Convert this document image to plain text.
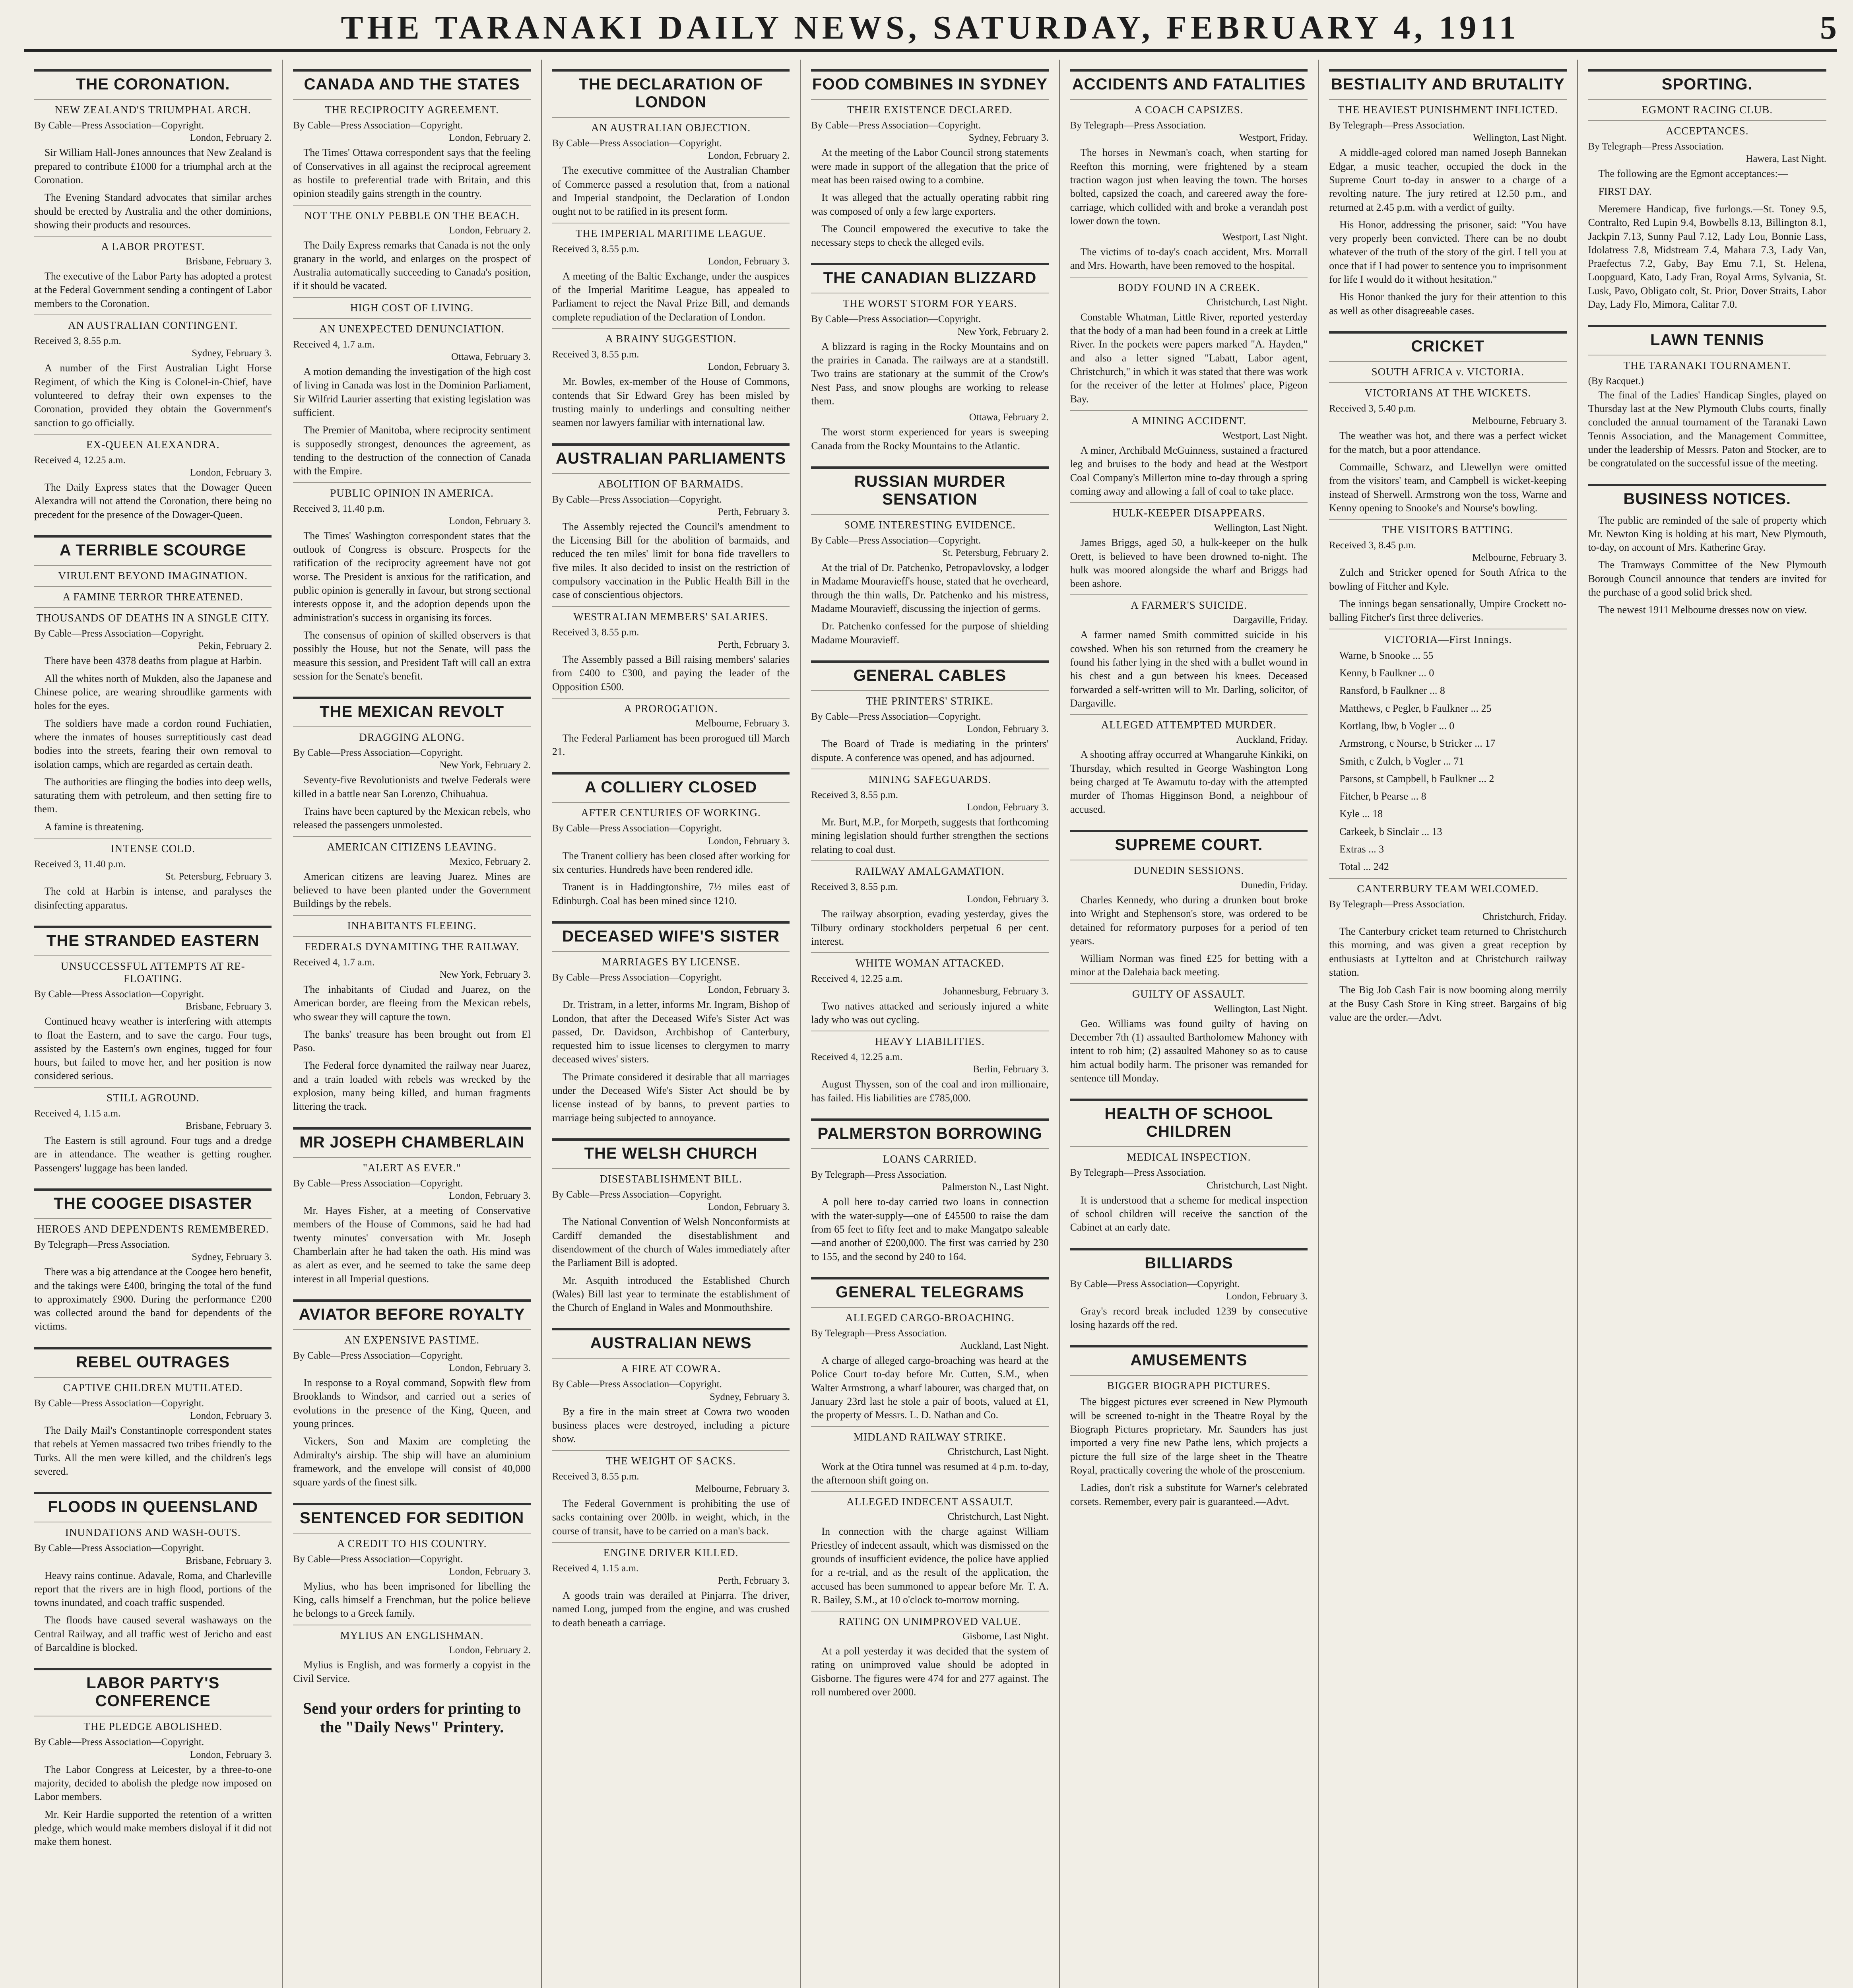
THE TARANAKI DAILY NEWS, SATURDAY, FEBRUARY 4, 1911	5
THE CORONATION.
NEW ZEALAND'S TRIUMPHAL ARCH.
By Cable—Press Association—Copyright.
London, February 2.

Sir William Hall-Jones announces that New Zealand is prepared to contribute £1000 for a triumphal arch at the Coronation.

The Evening Standard advocates that similar arches should be erected by Australia and the other dominions, showing their products and resources.

A LABOR PROTEST.
Brisbane, February 3.

The executive of the Labor Party has adopted a protest at the Federal Government sending a contingent of Labor members to the Coronation.

AN AUSTRALIAN CONTINGENT.
Received 3, 8.55 p.m.
Sydney, February 3.

A number of the First Australian Light Horse Regiment, of which the King is Colonel-in-Chief, have volunteered to defray their own expenses to the Coronation, provided they obtain the Government's sanction to go officially.

EX-QUEEN ALEXANDRA.
Received 4, 12.25 a.m.
London, February 3.

The Daily Express states that the Dowager Queen Alexandra will not attend the Coronation, there being no precedent for the presence of the Dowager-Queen.

A TERRIBLE SCOURGE
VIRULENT BEYOND IMAGINATION.
A FAMINE TERROR THREATENED.
THOUSANDS OF DEATHS IN A SINGLE CITY.
By Cable—Press Association—Copyright.
Pekin, February 2.

There have been 4378 deaths from plague at Harbin.

All the whites north of Mukden, also the Japanese and Chinese police, are wearing shroudlike garments with holes for the eyes.

The soldiers have made a cordon round Fuchiatien, where the inmates of houses surreptitiously cast dead bodies into the streets, fearing their own removal to isolation camps, which are regarded as certain death.

The authorities are flinging the bodies into deep wells, saturating them with petroleum, and then setting fire to them.

A famine is threatening.

INTENSE COLD.
Received 3, 11.40 p.m.
St. Petersburg, February 3.

The cold at Harbin is intense, and paralyses the disinfecting apparatus.

THE STRANDED EASTERN
UNSUCCESSFUL ATTEMPTS AT RE-FLOATING.
By Cable—Press Association—Copyright.
Brisbane, February 3.

Continued heavy weather is interfering with attempts to float the Eastern, and to save the cargo. Four tugs, assisted by the Eastern's own engines, tugged for four hours, but failed to move her, and her position is now considered serious.

STILL AGROUND.
Received 4, 1.15 a.m.
Brisbane, February 3.

The Eastern is still aground. Four tugs and a dredge are in attendance. The weather is getting rougher. Passengers' luggage has been landed.

THE COOGEE DISASTER
HEROES AND DEPENDENTS REMEMBERED.
By Telegraph—Press Association.
Sydney, February 3.

There was a big attendance at the Coogee hero benefit, and the takings were £400, bringing the total of the fund to approximately £900. During the performance £200 was collected around the band for dependents of the victims.

REBEL OUTRAGES
CAPTIVE CHILDREN MUTILATED.
By Cable—Press Association—Copyright.
London, February 3.

The Daily Mail's Constantinople correspondent states that rebels at Yemen massacred two tribes friendly to the Turks. All the men were killed, and the children's legs severed.

FLOODS IN QUEENSLAND
INUNDATIONS AND WASH-OUTS.
By Cable—Press Association—Copyright.
Brisbane, February 3.

Heavy rains continue. Adavale, Roma, and Charleville report that the rivers are in high flood, portions of the towns inundated, and coach traffic suspended.

The floods have caused several washaways on the Central Railway, and all traffic west of Jericho and east of Barcaldine is blocked.

LABOR PARTY'S CONFERENCE
THE PLEDGE ABOLISHED.
By Cable—Press Association—Copyright.
London, February 3.

The Labor Congress at Leicester, by a three-to-one majority, decided to abolish the pledge now imposed on Labor members.

Mr. Keir Hardie supported the retention of a written pledge, which would make members disloyal if it did not make them honest.

CANADA AND THE STATES
THE RECIPROCITY AGREEMENT.
By Cable—Press Association—Copyright.
London, February 2.

The Times' Ottawa correspondent says that the feeling of Conservatives in all against the reciprocal agreement as hostile to preferential trade with Britain, and this opinion steadily gains strength in the country.

NOT THE ONLY PEBBLE ON THE BEACH.
London, February 2.

The Daily Express remarks that Canada is not the only granary in the world, and enlarges on the prospect of Australia automatically succeeding to Canada's position, if it should be vacated.

HIGH COST OF LIVING.
AN UNEXPECTED DENUNCIATION.
Received 4, 1.7 a.m.
Ottawa, February 3.

A motion demanding the investigation of the high cost of living in Canada was lost in the Dominion Parliament, Sir Wilfrid Laurier asserting that existing legislation was sufficient.

The Premier of Manitoba, where reciprocity sentiment is supposedly strongest, denounces the agreement, as tending to the destruction of the connection of Canada with the Empire.

PUBLIC OPINION IN AMERICA.
Received 3, 11.40 p.m.
London, February 3.

The Times' Washington correspondent states that the outlook of Congress is obscure. Prospects for the ratification of the reciprocity agreement have not got worse. The President is anxious for the ratification, and public opinion is generally in favour, but strong sectional interests oppose it, and the adoption depends upon the administration's success in organising its forces.

The consensus of opinion of skilled observers is that possibly the House, but not the Senate, will pass the measure this session, and President Taft will call an extra session for the Senate's benefit.

THE MEXICAN REVOLT
DRAGGING ALONG.
By Cable—Press Association—Copyright.
New York, February 2.

Seventy-five Revolutionists and twelve Federals were killed in a battle near San Lorenzo, Chihuahua.

Trains have been captured by the Mexican rebels, who released the passengers unmolested.

AMERICAN CITIZENS LEAVING.
Mexico, February 2.

American citizens are leaving Juarez. Mines are believed to have been planted under the Government Buildings by the rebels.

INHABITANTS FLEEING.
FEDERALS DYNAMITING THE RAILWAY.
Received 4, 1.7 a.m.
New York, February 3.

The inhabitants of Ciudad and Juarez, on the American border, are fleeing from the Mexican rebels, who swear they will capture the town.

The banks' treasure has been brought out from El Paso.

The Federal force dynamited the railway near Juarez, and a train loaded with rebels was wrecked by the explosion, many being killed, and human fragments littering the track.

MR JOSEPH CHAMBERLAIN
"ALERT AS EVER."
By Cable—Press Association—Copyright.
London, February 3.

Mr. Hayes Fisher, at a meeting of Conservative members of the House of Commons, said he had had twenty minutes' conversation with Mr. Joseph Chamberlain after he had taken the oath. His mind was as alert as ever, and he seemed to take the same deep interest in all Imperial questions.

AVIATOR BEFORE ROYALTY
AN EXPENSIVE PASTIME.
By Cable—Press Association—Copyright.
London, February 3.

In response to a Royal command, Sopwith flew from Brooklands to Windsor, and carried out a series of evolutions in the presence of the King, Queen, and young princes.

Vickers, Son and Maxim are completing the Admiralty's airship. The ship will have an aluminium framework, and the envelope will consist of 40,000 square yards of the finest silk.

SENTENCED FOR SEDITION
A CREDIT TO HIS COUNTRY.
By Cable—Press Association—Copyright.
London, February 3.

Mylius, who has been imprisoned for libelling the King, calls himself a Frenchman, but the police believe he belongs to a Greek family.

MYLIUS AN ENGLISHMAN.
London, February 2.

Mylius is English, and was formerly a copyist in the Civil Service.

Send your orders for printing to the "Daily News" Printery.
THE DECLARATION OF LONDON
AN AUSTRALIAN OBJECTION.
By Cable—Press Association—Copyright.
London, February 2.

The executive committee of the Australian Chamber of Commerce passed a resolution that, from a national and Imperial standpoint, the Declaration of London ought not to be ratified in its present form.

THE IMPERIAL MARITIME LEAGUE.
Received 3, 8.55 p.m.
London, February 3.

A meeting of the Baltic Exchange, under the auspices of the Imperial Maritime League, has appealed to Parliament to reject the Naval Prize Bill, and demands complete repudiation of the Declaration of London.

A BRAINY SUGGESTION.
Received 3, 8.55 p.m.
London, February 3.

Mr. Bowles, ex-member of the House of Commons, contends that Sir Edward Grey has been misled by trusting mainly to underlings and consulting neither seamen nor lawyers familiar with international law.

AUSTRALIAN PARLIAMENTS
ABOLITION OF BARMAIDS.
By Cable—Press Association—Copyright.
Perth, February 3.

The Assembly rejected the Council's amendment to the Licensing Bill for the abolition of barmaids, and reduced the ten miles' limit for bona fide travellers to five miles. It also decided to insist on the restriction of compulsory vaccination in the Public Health Bill in the case of conscientious objectors.

WESTRALIAN MEMBERS' SALARIES.
Received 3, 8.55 p.m.
Perth, February 3.

The Assembly passed a Bill raising members' salaries from £400 to £300, and paying the leader of the Opposition £500.

A PROROGATION.
Melbourne, February 3.

The Federal Parliament has been prorogued till March 21.

A COLLIERY CLOSED
AFTER CENTURIES OF WORKING.
By Cable—Press Association—Copyright.
London, February 3.

The Tranent colliery has been closed after working for six centuries. Hundreds have been rendered idle.

Tranent is in Haddingtonshire, 7½ miles east of Edinburgh. Coal has been mined since 1210.

DECEASED WIFE'S SISTER
MARRIAGES BY LICENSE.
By Cable—Press Association—Copyright.
London, February 3.

Dr. Tristram, in a letter, informs Mr. Ingram, Bishop of London, that after the Deceased Wife's Sister Act was passed, Dr. Davidson, Archbishop of Canterbury, requested him to issue licenses to clergymen to marry deceased wives' sisters.

The Primate considered it desirable that all marriages under the Deceased Wife's Sister Act should be by license instead of by banns, to prevent parties to marriage being subjected to annoyance.

THE WELSH CHURCH
DISESTABLISHMENT BILL.
By Cable—Press Association—Copyright.
London, February 3.

The National Convention of Welsh Nonconformists at Cardiff demanded the disestablishment and disendowment of the church of Wales immediately after the Parliament Bill is adopted.

Mr. Asquith introduced the Established Church (Wales) Bill last year to terminate the establishment of the Church of England in Wales and Monmouthshire.

AUSTRALIAN NEWS
A FIRE AT COWRA.
By Cable—Press Association—Copyright.
Sydney, February 3.

By a fire in the main street at Cowra two wooden business places were destroyed, including a picture show.

THE WEIGHT OF SACKS.
Received 3, 8.55 p.m.
Melbourne, February 3.

The Federal Government is prohibiting the use of sacks containing over 200lb. in weight, which, in the course of transit, have to be carried on a man's back.

ENGINE DRIVER KILLED.
Received 4, 1.15 a.m.
Perth, February 3.

A goods train was derailed at Pinjarra. The driver, named Long, jumped from the engine, and was crushed to death beneath a carriage.

FOOD COMBINES IN SYDNEY
THEIR EXISTENCE DECLARED.
By Cable—Press Association—Copyright.
Sydney, February 3.

At the meeting of the Labor Council strong statements were made in support of the allegation that the price of meat has been raised owing to a combine.

It was alleged that the actually operating rabbit ring was composed of only a few large exporters.

The Council empowered the executive to take the necessary steps to check the alleged evils.

THE CANADIAN BLIZZARD
THE WORST STORM FOR YEARS.
By Cable—Press Association—Copyright.
New York, February 2.

A blizzard is raging in the Rocky Mountains and on the prairies in Canada. The railways are at a standstill. Two trains are stationary at the summit of the Crow's Nest Pass, and snow ploughs are working to release them.

Ottawa, February 2.

The worst storm experienced for years is sweeping Canada from the Rocky Mountains to the Atlantic.

RUSSIAN MURDER SENSATION
SOME INTERESTING EVIDENCE.
By Cable—Press Association—Copyright.
St. Petersburg, February 2.

At the trial of Dr. Patchenko, Petropavlovsky, a lodger in Madame Mouravieff's house, stated that he overheard, through the thin walls, Dr. Patchenko and his mistress, Madame Mouravieff, discussing the injection of germs.

Dr. Patchenko confessed for the purpose of shielding Madame Mouravieff.

GENERAL CABLES
THE PRINTERS' STRIKE.
By Cable—Press Association—Copyright.
London, February 3.

The Board of Trade is mediating in the printers' dispute. A conference was opened, and has adjourned.

MINING SAFEGUARDS.
Received 3, 8.55 p.m.
London, February 3.

Mr. Burt, M.P., for Morpeth, suggests that forthcoming mining legislation should further strengthen the sections relating to coal dust.

RAILWAY AMALGAMATION.
Received 3, 8.55 p.m.
London, February 3.

The railway absorption, evading yesterday, gives the Tilbury ordinary stockholders perpetual 6 per cent. interest.

WHITE WOMAN ATTACKED.
Received 4, 12.25 a.m.
Johannesburg, February 3.

Two natives attacked and seriously injured a white lady who was out cycling.

HEAVY LIABILITIES.
Received 4, 12.25 a.m.
Berlin, February 3.

August Thyssen, son of the coal and iron millionaire, has failed. His liabilities are £785,000.

PALMERSTON BORROWING
LOANS CARRIED.
By Telegraph—Press Association.
Palmerston N., Last Night.

A poll here to-day carried two loans in connection with the water-supply—one of £45500 to raise the dam from 65 feet to fifty feet and to make Mangatpo saleable—and another of £200,000. The first was carried by 230 to 155, and the second by 240 to 164.

GENERAL TELEGRAMS
ALLEGED CARGO-BROACHING.
By Telegraph—Press Association.
Auckland, Last Night.

A charge of alleged cargo-broaching was heard at the Police Court to-day before Mr. Cutten, S.M., when Walter Armstrong, a wharf labourer, was charged that, on January 23rd last he stole a pair of boots, valued at £1, the property of Messrs. L. D. Nathan and Co.

MIDLAND RAILWAY STRIKE.
Christchurch, Last Night.

Work at the Otira tunnel was resumed at 4 p.m. to-day, the afternoon shift going on.

ALLEGED INDECENT ASSAULT.
Christchurch, Last Night.

In connection with the charge against William Priestley of indecent assault, which was dismissed on the grounds of insufficient evidence, the police have applied for a re-trial, and as the result of the application, the accused has been summoned to appear before Mr. T. A. R. Bailey, S.M., at 10 o'clock to-morrow morning.

RATING ON UNIMPROVED VALUE.
Gisborne, Last Night.

At a poll yesterday it was decided that the system of rating on unimproved value should be adopted in Gisborne. The figures were 474 for and 277 against. The roll numbered over 2000.

ACCIDENTS AND FATALITIES
A COACH CAPSIZES.
By Telegraph—Press Association.
Westport, Friday.

The horses in Newman's coach, when starting for Reefton this morning, were frightened by a steam traction wagon just when leaving the town. The horses bolted, capsized the coach, and careered away the fore-carriage, which collided with and broke a verandah post lower down the town.

Westport, Last Night.

The victims of to-day's coach accident, Mrs. Morrall and Mrs. Howarth, have been removed to the hospital.

BODY FOUND IN A CREEK.
Christchurch, Last Night.

Constable Whatman, Little River, reported yesterday that the body of a man had been found in a creek at Little River. In the pockets were papers marked "A. Hayden," and also a letter signed "Labatt, Labor agent, Christchurch," in which it was stated that there was work for the receiver of the letter at Holmes' place, Pigeon Bay.

A MINING ACCIDENT.
Westport, Last Night.

A miner, Archibald McGuinness, sustained a fractured leg and bruises to the body and head at the Westport Coal Company's Millerton mine to-day through a spring coming away and allowing a fall of coal to take place.

HULK-KEEPER DISAPPEARS.
Wellington, Last Night.

James Briggs, aged 50, a hulk-keeper on the hulk Orett, is believed to have been drowned to-night. The hulk was moored alongside the wharf and Briggs had been ashore.

A FARMER'S SUICIDE.
Dargaville, Friday.

A farmer named Smith committed suicide in his cowshed. When his son returned from the creamery he found his father lying in the shed with a bullet wound in his chest and a gun between his knees. Deceased forwarded a self-written will to Mr. Darling, solicitor, of Dargaville.

ALLEGED ATTEMPTED MURDER.
Auckland, Friday.

A shooting affray occurred at Whangaruhe Kinkiki, on Thursday, which resulted in George Washington Long being charged at Te Awamutu to-day with the attempted murder of Thomas Higginson Bond, a neighbour of accused.

SUPREME COURT.
DUNEDIN SESSIONS.
Dunedin, Friday.

Charles Kennedy, who during a drunken bout broke into Wright and Stephenson's store, was ordered to be detained for reformatory purposes for a period of ten years.

William Norman was fined £25 for betting with a minor at the Dalehaia back meeting.

GUILTY OF ASSAULT.
Wellington, Last Night.

Geo. Williams was found guilty of having on December 7th (1) assaulted Bartholomew Mahoney with intent to rob him; (2) assaulted Mahoney so as to cause him actual bodily harm. The prisoner was remanded for sentence till Monday.

HEALTH OF SCHOOL CHILDREN
MEDICAL INSPECTION.
By Telegraph—Press Association.
Christchurch, Last Night.

It is understood that a scheme for medical inspection of school children will receive the sanction of the Cabinet at an early date.

BILLIARDS
By Cable—Press Association—Copyright.
London, February 3.

Gray's record break included 1239 by consecutive losing hazards off the red.

AMUSEMENTS
BIGGER BIOGRAPH PICTURES.

The biggest pictures ever screened in New Plymouth will be screened to-night in the Theatre Royal by the Biograph Pictures proprietary. Mr. Saunders has just imported a very fine new Pathe lens, which projects a picture the full size of the large sheet in the Theatre Royal, practically covering the whole of the proscenium.

Ladies, don't risk a substitute for Warner's celebrated corsets. Remember, every pair is guaranteed.—Advt.

BESTIALITY AND BRUTALITY
THE HEAVIEST PUNISHMENT INFLICTED.
By Telegraph—Press Association.
Wellington, Last Night.

A middle-aged colored man named Joseph Bannekan Edgar, a music teacher, occupied the dock in the Supreme Court to-day in answer to a charge of a revolting nature. The jury retired at 12.50 p.m., and returned at 2.45 p.m. with a verdict of guilty.

His Honor, addressing the prisoner, said: "You have very properly been convicted. There can be no doubt whatever of the truth of the story of the girl. I tell you at once that if I had power to sentence you to imprisonment for life I would do it without hesitation."

His Honor thanked the jury for their attention to this as well as other disagreeable cases.

CRICKET
SOUTH AFRICA v. VICTORIA.
VICTORIANS AT THE WICKETS.
Received 3, 5.40 p.m.
Melbourne, February 3.

The weather was hot, and there was a perfect wicket for the match, but a poor attendance.

Commaille, Schwarz, and Llewellyn were omitted from the visitors' team, and Campbell is wicket-keeping instead of Sherwell. Armstrong won the toss, Warne and Kenny opening to Snooke's and Nourse's bowling.

THE VISITORS BATTING.
Received 3, 8.45 p.m.
Melbourne, February 3.

Zulch and Stricker opened for South Africa to the bowling of Fitcher and Kyle.

The innings began sensationally, Umpire Crockett no-balling Fitcher's first three deliveries.

VICTORIA—First Innings.

Warne, b Snooke ... 55

Kenny, b Faulkner ... 0

Ransford, b Faulkner ... 8

Matthews, c Pegler, b Faulkner ... 25

Kortlang, lbw, b Vogler ... 0

Armstrong, c Nourse, b Stricker ... 17

Smith, c Zulch, b Vogler ... 71

Parsons, st Campbell, b Faulkner ... 2

Fitcher, b Pearse ... 8

Kyle ... 18

Carkeek, b Sinclair ... 13

Extras ... 3

Total ... 242

CANTERBURY TEAM WELCOMED.
By Telegraph—Press Association.
Christchurch, Friday.

The Canterbury cricket team returned to Christchurch this morning, and was given a great reception by enthusiasts at Lyttelton and at Christchurch railway station.

The Big Job Cash Fair is now booming along merrily at the Busy Cash Store in King street. Bargains of big value are the order.—Advt.

SPORTING.
EGMONT RACING CLUB.
ACCEPTANCES.
By Telegraph—Press Association.
Hawera, Last Night.

The following are the Egmont acceptances:—

FIRST DAY.

Meremere Handicap, five furlongs.—St. Toney 9.5, Contralto, Red Lupin 9.4, Bowbells 8.13, Billington 8.1, Jackpin 7.13, Sunny Paul 7.12, Lady Lou, Bonnie Lass, Idolatress 7.8, Midstream 7.4, Mahara 7.3, Lady Van, Praefectus 7.2, Gaby, Bay Emu 7.1, St. Helena, Loopguard, Kato, Lady Fran, Royal Arms, Sylvania, St. Lusk, Pavo, Obligato colt, St. Prior, Dover Straits, Labor Day, Lady Flo, Mimora, Calitar 7.0.

LAWN TENNIS
THE TARANAKI TOURNAMENT.
(By Racquet.)

The final of the Ladies' Handicap Singles, played on Thursday last at the New Plymouth Clubs courts, finally concluded the annual tournament of the Taranaki Lawn Tennis Association, and the Management Committee, under the leadership of Messrs. Paton and Stocker, are to be congratulated on the successful issue of the meeting.

BUSINESS NOTICES.

The public are reminded of the sale of property which Mr. Newton King is holding at his mart, New Plymouth, to-day, on account of Mrs. Katherine Gray.

The Tramways Committee of the New Plymouth Borough Council announce that tenders are invited for the purchase of a good solid brick shed.

The newest 1911 Melbourne dresses now on view.
